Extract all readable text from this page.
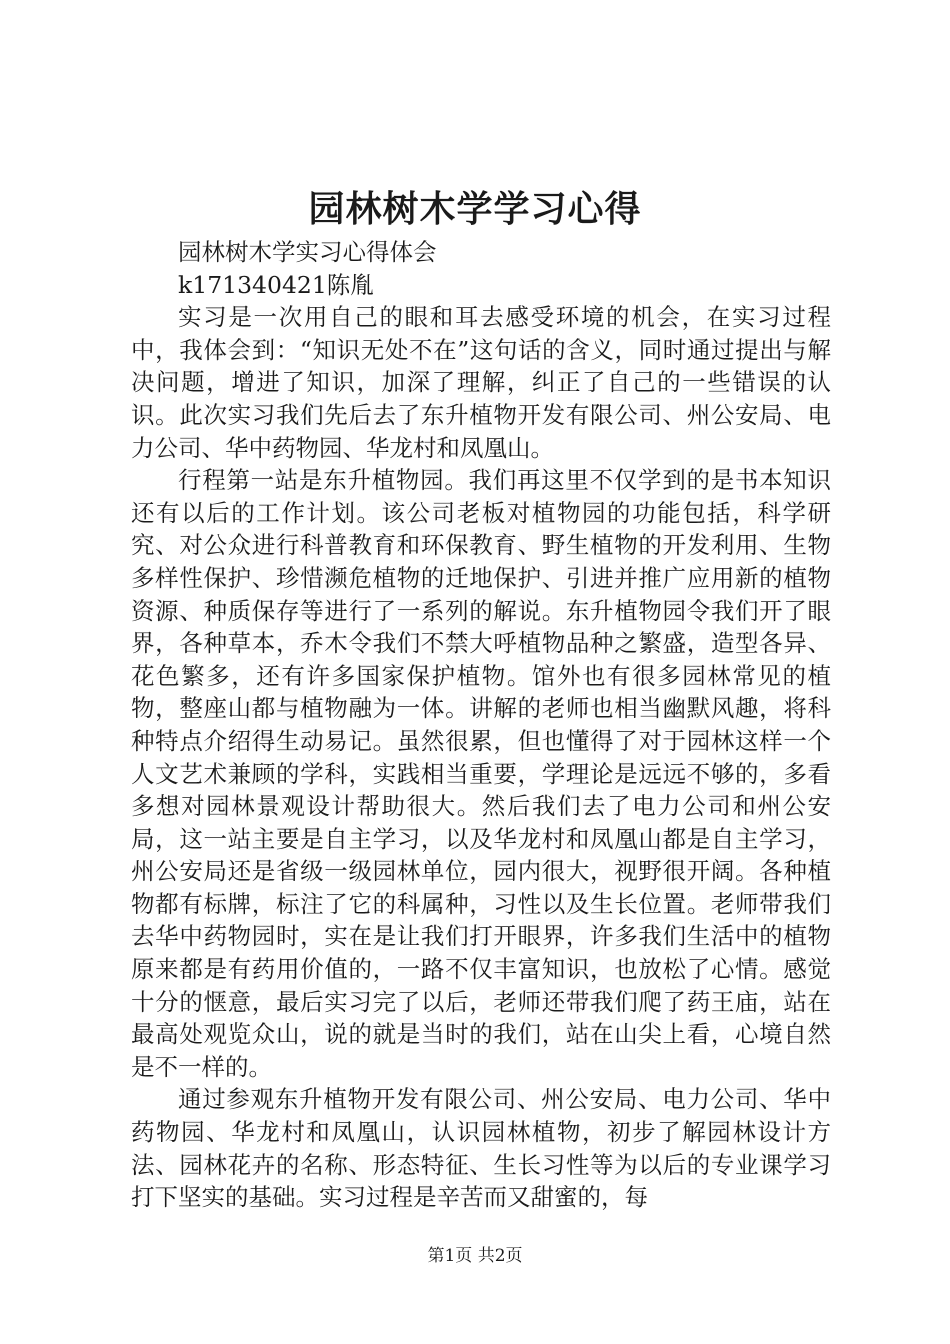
园林树木学学习心得

园林树木学实习心得体会

k171340421陈胤

实习是一次用自己的眼和耳去感受环境的机会，在实习过程中，我体会到：“知识无处不在”这句话的含义，同时通过提出与解决问题，增进了知识，加深了理解，纠正了自己的一些错误的认识。此次实习我们先后去了东升植物开发有限公司、州公安局、电力公司、华中药物园、华龙村和凤凰山。

行程第一站是东升植物园。我们再这里不仅学到的是书本知识还有以后的工作计划。该公司老板对植物园的功能包括，科学研究、对公众进行科普教育和环保教育、野生植物的开发利用、生物多样性保护、珍惜濒危植物的迁地保护、引进并推广应用新的植物资源、种质保存等进行了一系列的解说。东升植物园令我们开了眼界，各种草本，乔木令我们不禁大呼植物品种之繁盛，造型各异、花色繁多，还有许多国家保护植物。馆外也有很多园林常见的植物，整座山都与植物融为一体。讲解的老师也相当幽默风趣，将科种特点介绍得生动易记。虽然很累，但也懂得了对于园林这样一个人文艺术兼顾的学科，实践相当重要，学理论是远远不够的，多看多想对园林景观设计帮助很大。然后我们去了电力公司和州公安局，这一站主要是自主学习，以及华龙村和凤凰山都是自主学习，州公安局还是省级一级园林单位，园内很大，视野很开阔。各种植物都有标牌，标注了它的科属种，习性以及生长位置。老师带我们去华中药物园时，实在是让我们打开眼界，许多我们生活中的植物原来都是有药用价值的，一路不仅丰富知识，也放松了心情。感觉十分的惬意，最后实习完了以后，老师还带我们爬了药王庙，站在最高处观览众山，说的就是当时的我们，站在山尖上看，心境自然是不一样的。

通过参观东升植物开发有限公司、州公安局、电力公司、华中药物园、华龙村和凤凰山，认识园林植物，初步了解园林设计方法、园林花卉的名称、形态特征、生长习性等为以后的专业课学习打下坚实的基础。实习过程是辛苦而又甜蜜的，每

第1页 共2页
